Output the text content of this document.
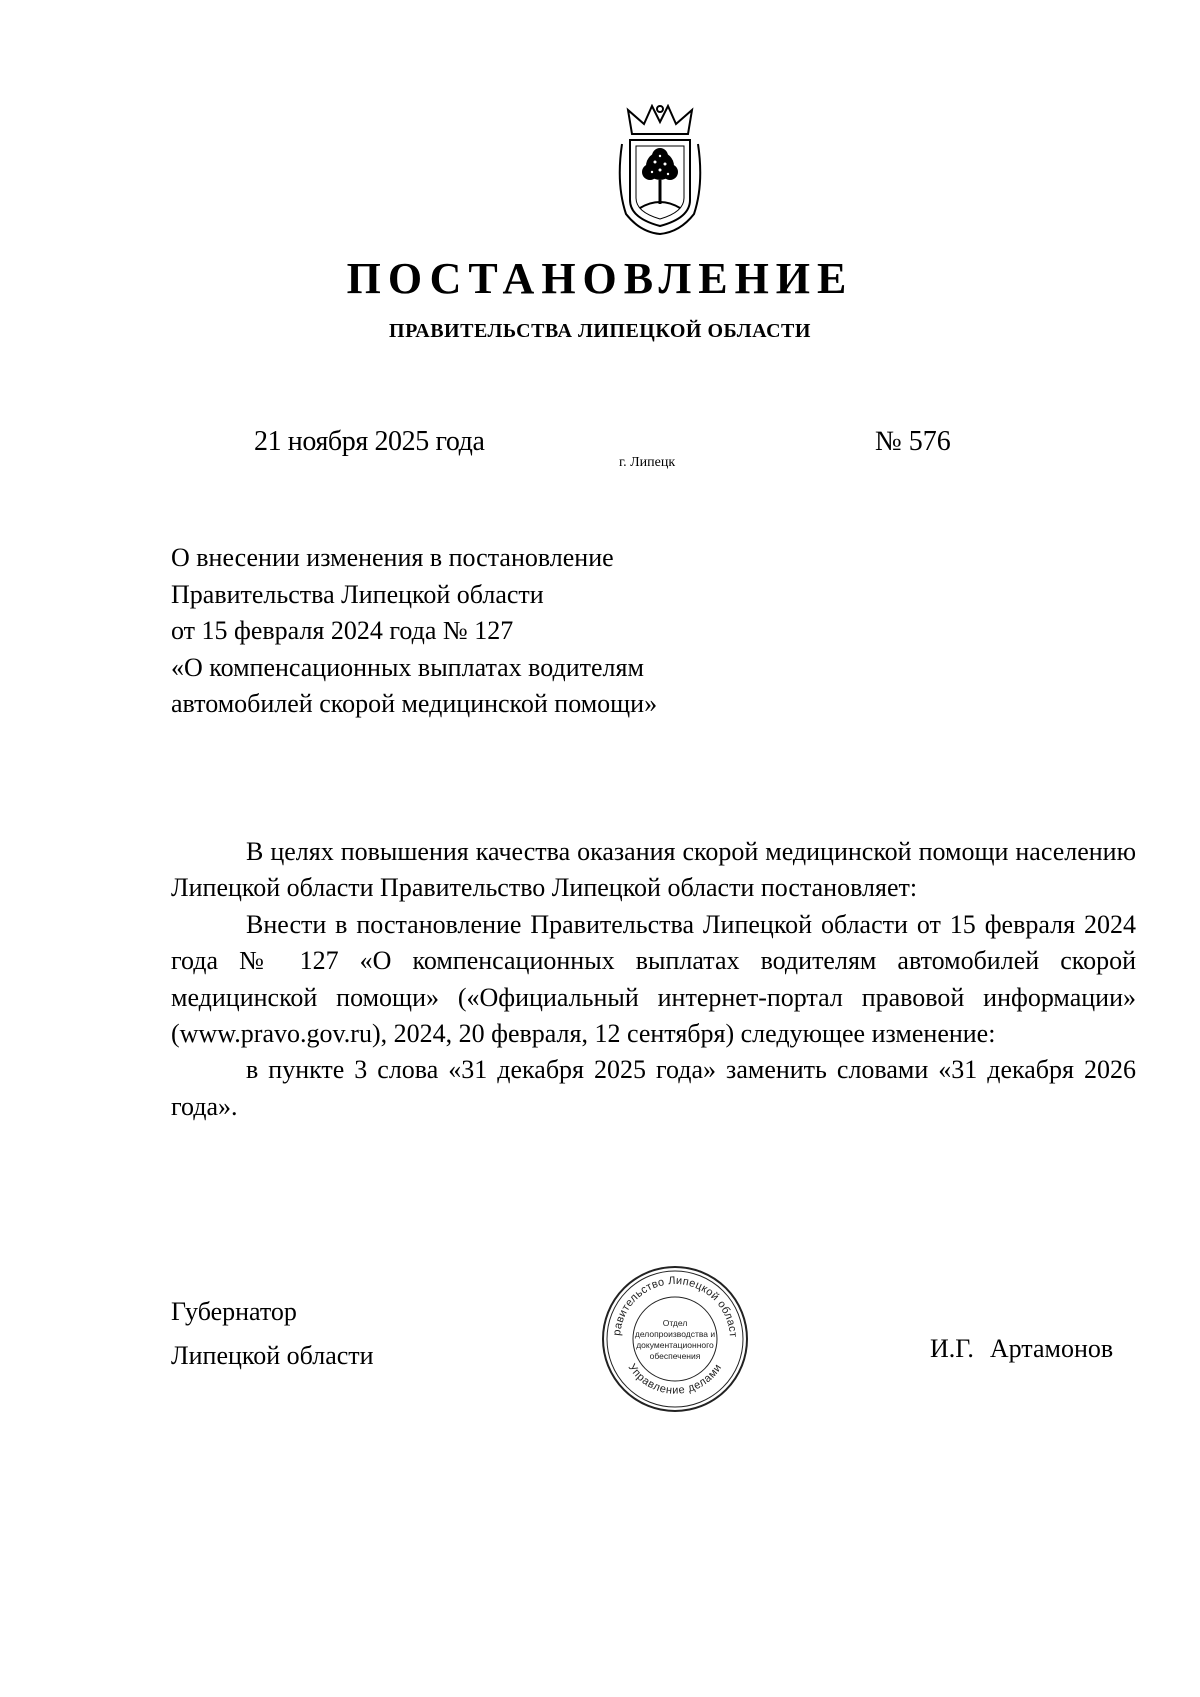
ПОСТАНОВЛЕНИЕ
ПРАВИТЕЛЬСТВА ЛИПЕЦКОЙ ОБЛАСТИ
21 ноября 2025 года
г. Липецк
№ 576
О внесении изменения в постановление
Правительства Липецкой области
от 15 февраля 2024 года № 127
«О компенсационных выплатах водителям
автомобилей скорой медицинской помощи»

В целях повышения качества оказания скорой медицинской помощи населению Липецкой области Правительство Липецкой области постановляет:

Внести в постановление Правительства Липецкой области от 15 февраля 2024 года № 127 «О компенсационных выплатах водителям автомобилей скорой медицинской помощи» («Официальный интернет-портал правовой информации» (www.pravo.gov.ru), 2024, 20 февраля, 12 сентября) следующее изменение:

в пункте 3 слова «31 декабря 2025 года» заменить словами «31 декабря 2026 года».

Губернатор
Липецкой области
равительство Липецкой област
Управление делами
Отдел
делопроизводства и
документационного
обеспечения	И.Г. Артамонов
